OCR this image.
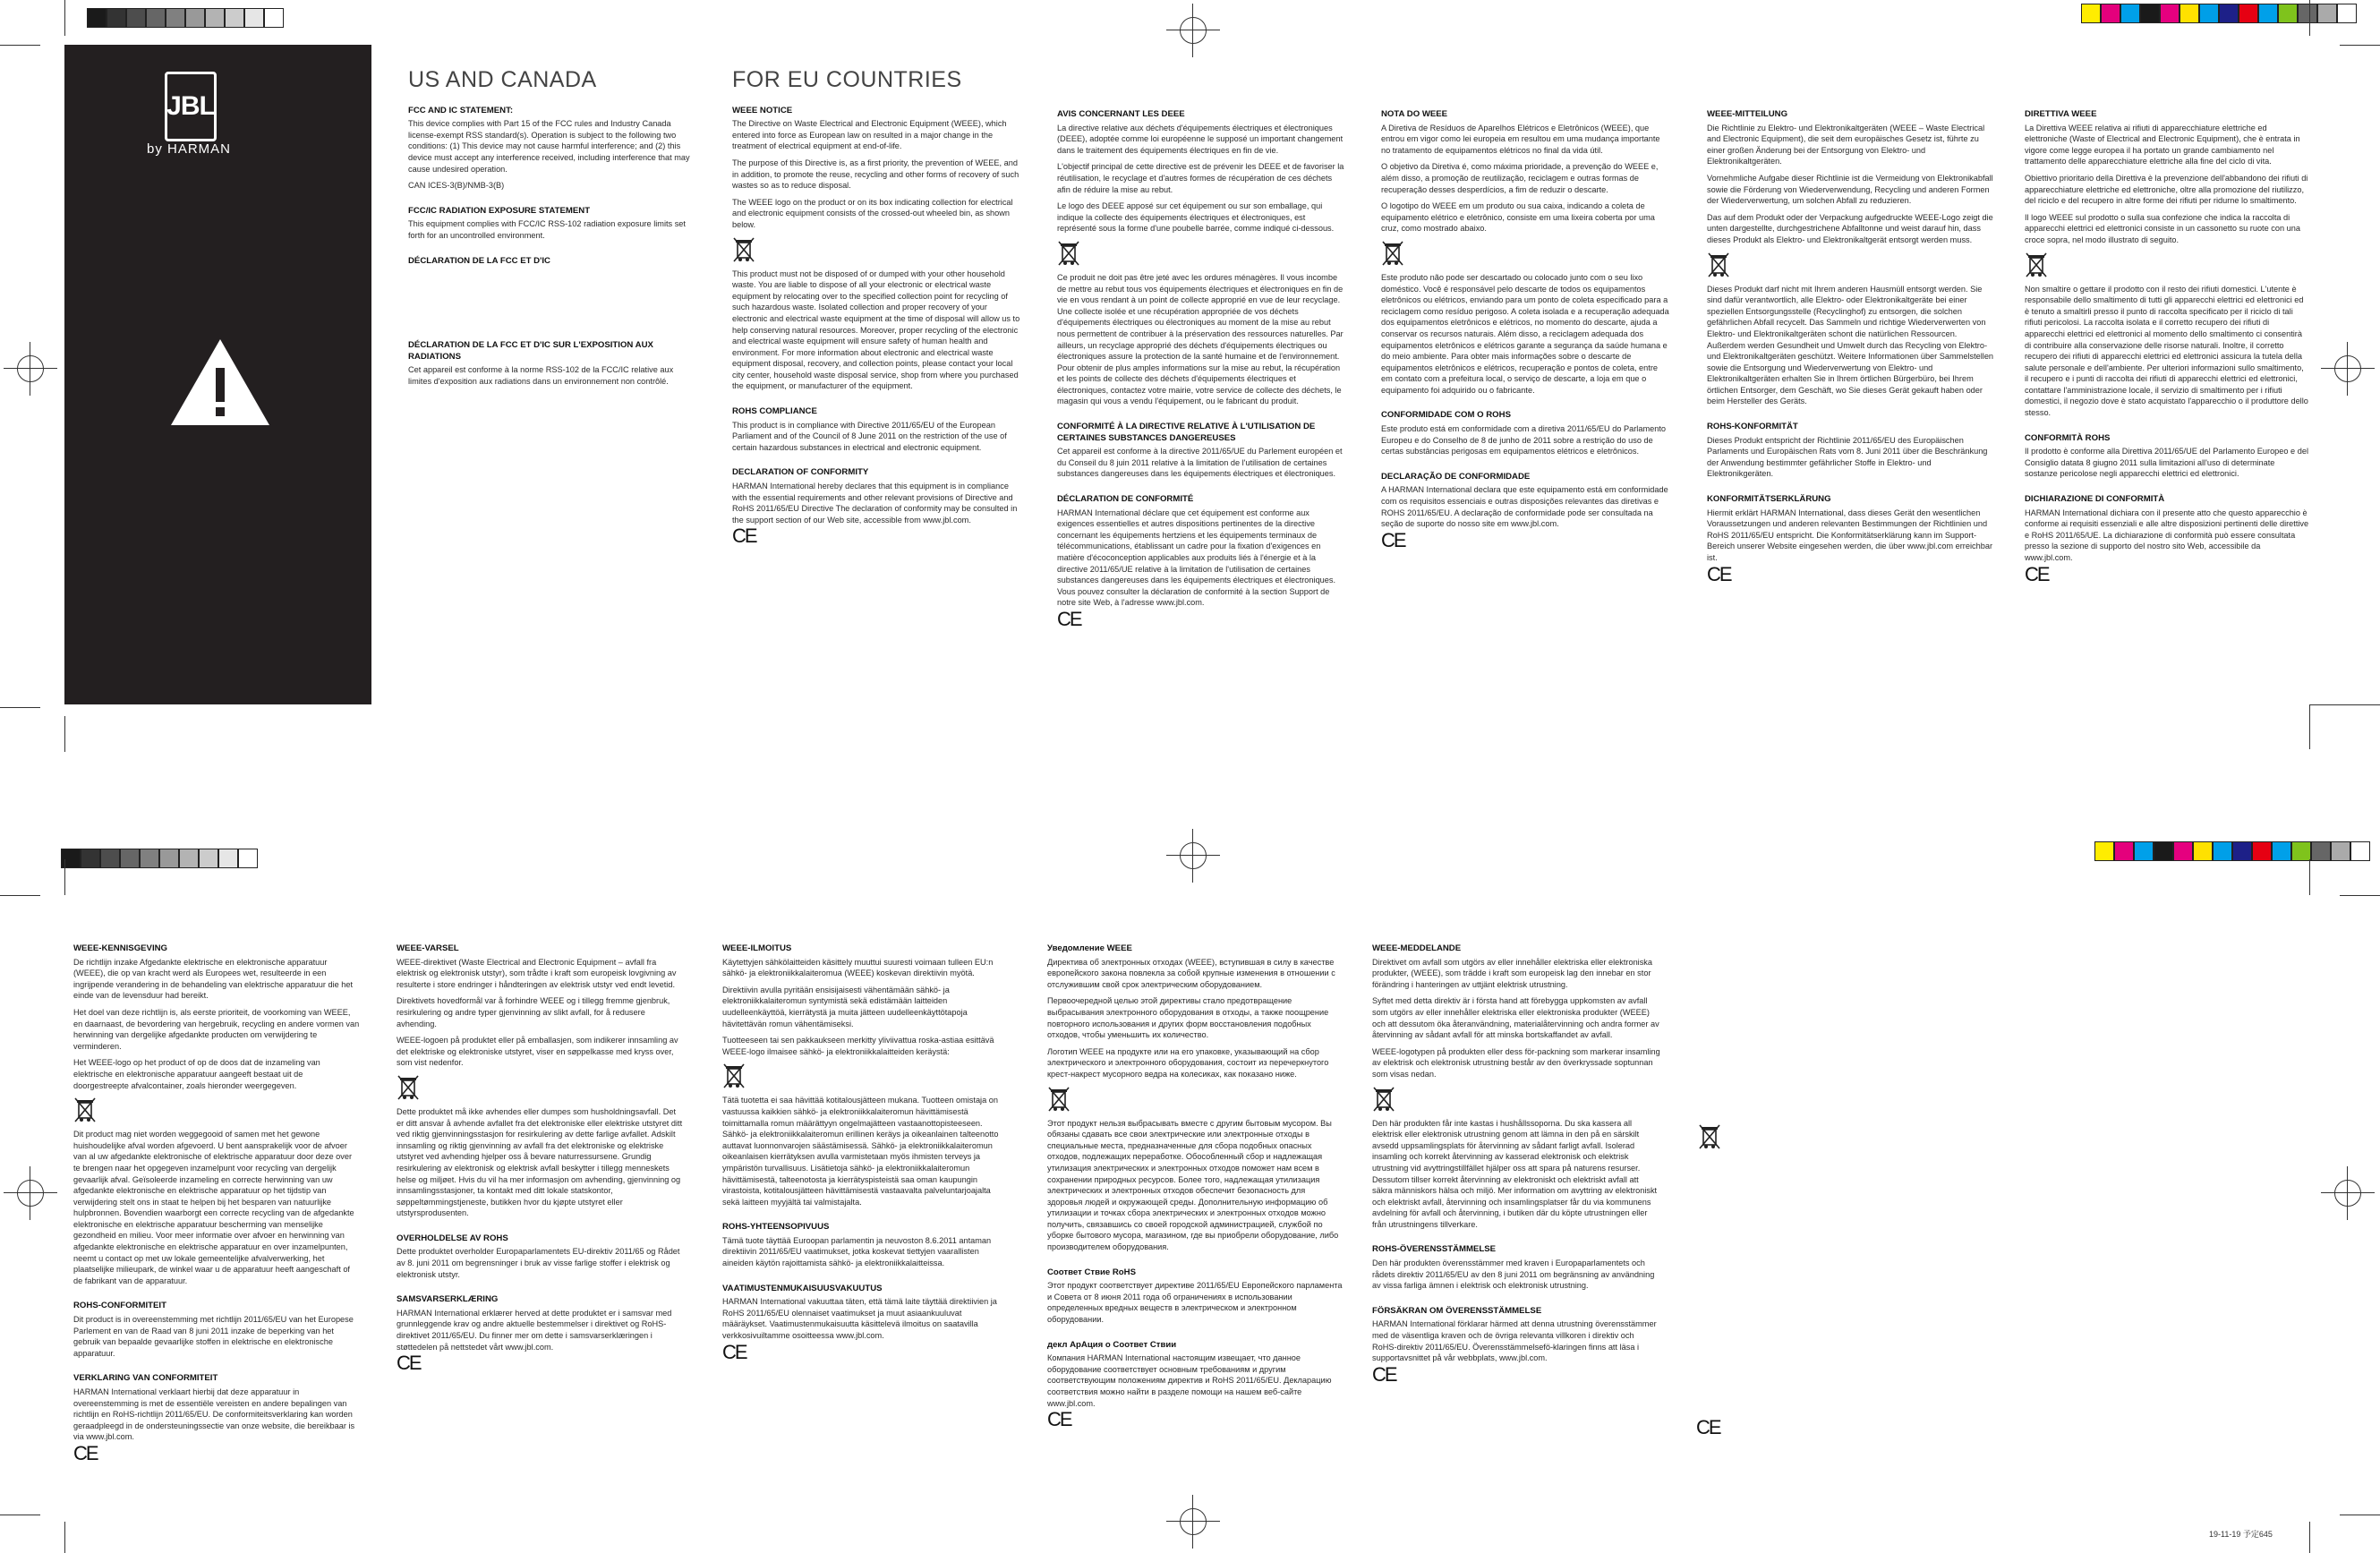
JBL
by HARMAN
US AND CANADA
FCC AND IC STATEMENT:

This device complies with Part 15 of the FCC rules and Industry Canada license-exempt RSS standard(s). Operation is subject to the following two conditions: (1) This device may not cause harmful interference; and (2) this device must accept any interference received, including interference that may cause undesired operation.

CAN ICES-3(B)/NMB-3(B)

FCC/IC RADIATION EXPOSURE STATEMENT

This equipment complies with FCC/IC RSS-102 radiation exposure limits set forth for an uncontrolled environment.

DÉCLARATION DE LA FCC ET D'IC
DÉCLARATION DE LA FCC ET D'IC SUR L'EXPOSITION AUX RADIATIONS

Cet appareil est conforme à la norme RSS-102 de la FCC/IC relative aux limites d'exposition aux radiations dans un environnement non contrôlé.

FOR EU COUNTRIES
WEEE NOTICE

The Directive on Waste Electrical and Electronic Equipment (WEEE), which entered into force as European law on resulted in a major change in the treatment of electrical equipment at end-of-life.

The purpose of this Directive is, as a first priority, the prevention of WEEE, and in addition, to promote the reuse, recycling and other forms of recovery of such wastes so as to reduce disposal.

The WEEE logo on the product or on its box indicating collection for electrical and electronic equipment consists of the crossed-out wheeled bin, as shown below.

This product must not be disposed of or dumped with your other household waste. You are liable to dispose of all your electronic or electrical waste equipment by relocating over to the specified collection point for recycling of such hazardous waste. Isolated collection and proper recovery of your electronic and electrical waste equipment at the time of disposal will allow us to help conserving natural resources. Moreover, proper recycling of the electronic and electrical waste equipment will ensure safety of human health and environment. For more information about electronic and electrical waste equipment disposal, recovery, and collection points, please contact your local city center, household waste disposal service, shop from where you purchased the equipment, or manufacturer of the equipment.

ROHS COMPLIANCE

This product is in compliance with Directive 2011/65/EU of the European Parliament and of the Council of 8 June 2011 on the restriction of the use of certain hazardous substances in electrical and electronic equipment.

DECLARATION OF CONFORMITY

HARMAN International hereby declares that this equipment is in compliance with the essential requirements and other relevant provisions of Directive and RoHS 2011/65/EU Directive The declaration of conformity may be consulted in the support section of our Web site, accessible from www.jbl.com.

CE
AVIS CONCERNANT LES DEEE

La directive relative aux déchets d'équipements électriques et électroniques (DEEE), adoptée comme loi européenne le supposé un important changement dans le traitement des équipements électriques en fin de vie.

L'objectif principal de cette directive est de prévenir les DEEE et de favoriser la réutilisation, le recyclage et d'autres formes de récupération de ces déchets afin de réduire la mise au rebut.

Le logo des DEEE apposé sur cet équipement ou sur son emballage, qui indique la collecte des équipements électriques et électroniques, est représenté sous la forme d'une poubelle barrée, comme indiqué ci-dessous.

Ce produit ne doit pas être jeté avec les ordures ménagères. Il vous incombe de mettre au rebut tous vos équipements électriques et électroniques en fin de vie en vous rendant à un point de collecte approprié en vue de leur recyclage. Une collecte isolée et une récupération appropriée de vos déchets d'équipements électriques ou électroniques au moment de la mise au rebut nous permettent de contribuer à la préservation des ressources naturelles. Par ailleurs, un recyclage approprié des déchets d'équipements électriques ou électroniques assure la protection de la santé humaine et de l'environnement. Pour obtenir de plus amples informations sur la mise au rebut, la récupération et les points de collecte des déchets d'équipements électriques et électroniques, contactez votre mairie, votre service de collecte des déchets, le magasin qui vous a vendu l'équipement, ou le fabricant du produit.

CONFORMITÉ À LA DIRECTIVE RELATIVE À L'UTILISATION DE CERTAINES SUBSTANCES DANGEREUSES

Cet appareil est conforme à la directive 2011/65/UE du Parlement européen et du Conseil du 8 juin 2011 relative à la limitation de l'utilisation de certaines substances dangereuses dans les équipements électriques et électroniques.

DÉCLARATION DE CONFORMITÉ

HARMAN International déclare que cet équipement est conforme aux exigences essentielles et autres dispositions pertinentes de la directive concernant les équipements hertziens et les équipements terminaux de télécommunications, établissant un cadre pour la fixation d'exigences en matière d'écoconception applicables aux produits liés à l'énergie et à la directive 2011/65/UE relative à la limitation de l'utilisation de certaines substances dangereuses dans les équipements électriques et électroniques. Vous pouvez consulter la déclaration de conformité à la section Support de notre site Web, à l'adresse www.jbl.com.

CE
NOTA DO WEEE

A Diretiva de Resíduos de Aparelhos Elétricos e Eletrônicos (WEEE), que entrou em vigor como lei europeia em resultou em uma mudança importante no tratamento de equipamentos elétricos no final da vida útil.

O objetivo da Diretiva é, como máxima prioridade, a prevenção do WEEE e, além disso, a promoção de reutilização, reciclagem e outras formas de recuperação desses desperdícios, a fim de reduzir o descarte.

O logotipo do WEEE em um produto ou sua caixa, indicando a coleta de equipamento elétrico e eletrônico, consiste em uma lixeira coberta por uma cruz, como mostrado abaixo.

Este produto não pode ser descartado ou colocado junto com o seu lixo doméstico. Você é responsável pelo descarte de todos os equipamentos eletrônicos ou elétricos, enviando para um ponto de coleta especificado para a reciclagem como resíduo perigoso. A coleta isolada e a recuperação adequada dos equipamentos eletrônicos e elétricos, no momento do descarte, ajuda a conservar os recursos naturais. Além disso, a reciclagem adequada dos equipamentos eletrônicos e elétricos garante a segurança da saúde humana e do meio ambiente. Para obter mais informações sobre o descarte de equipamentos eletrônicos e elétricos, recuperação e pontos de coleta, entre em contato com a prefeitura local, o serviço de descarte, a loja em que o equipamento foi adquirido ou o fabricante.

CONFORMIDADE COM O ROHS

Este produto está em conformidade com a diretiva 2011/65/EU do Parlamento Europeu e do Conselho de 8 de junho de 2011 sobre a restrição do uso de certas substâncias perigosas em equipamentos elétricos e eletrônicos.

DECLARAÇÃO DE CONFORMIDADE

A HARMAN International declara que este equipamento está em conformidade com os requisitos essenciais e outras disposições relevantes das diretivas e ROHS 2011/65/EU. A declaração de conformidade pode ser consultada na seção de suporte do nosso site em www.jbl.com.

CE
WEEE-MITTEILUNG

Die Richtlinie zu Elektro- und Elektronikaltgeräten (WEEE – Waste Electrical and Electronic Equipment), die seit dem europäisches Gesetz ist, führte zu einer großen Änderung bei der Entsorgung von Elektro- und Elektronikaltgeräten.

Vornehmliche Aufgabe dieser Richtlinie ist die Vermeidung von Elektronikabfall sowie die Förderung von Wiederverwendung, Recycling und anderen Formen der Wiederverwertung, um solchen Abfall zu reduzieren.

Das auf dem Produkt oder der Verpackung aufgedruckte WEEE-Logo zeigt die unten dargestellte, durchgestrichene Abfalltonne und weist darauf hin, dass dieses Produkt als Elektro- und Elektronikaltgerät entsorgt werden muss.

Dieses Produkt darf nicht mit Ihrem anderen Hausmüll entsorgt werden. Sie sind dafür verantwortlich, alle Elektro- oder Elektronikaltgeräte bei einer speziellen Entsorgungsstelle (Recyclinghof) zu entsorgen, die solchen gefährlichen Abfall recycelt. Das Sammeln und richtige Wiederverwerten von Elektro- und Elektronikaltgeräten schont die natürlichen Ressourcen. Außerdem werden Gesundheit und Umwelt durch das Recycling von Elektro- und Elektronikaltgeräten geschützt. Weitere Informationen über Sammelstellen sowie die Entsorgung und Wiederverwertung von Elektro- und Elektronikaltgeräten erhalten Sie in Ihrem örtlichen Bürgerbüro, bei Ihrem örtlichen Entsorger, dem Geschäft, wo Sie dieses Gerät gekauft haben oder beim Hersteller des Geräts.

ROHS-KONFORMITÄT

Dieses Produkt entspricht der Richtlinie 2011/65/EU des Europäischen Parlaments und Europäischen Rats vom 8. Juni 2011 über die Beschränkung der Anwendung bestimmter gefährlicher Stoffe in Elektro- und Elektronikgeräten.

KONFORMITÄTSERKLÄRUNG

Hiermit erklärt HARMAN International, dass dieses Gerät den wesentlichen Voraussetzungen und anderen relevanten Bestimmungen der Richtlinien und RoHS 2011/65/EU entspricht. Die Konformitätserklärung kann im Support-Bereich unserer Website eingesehen werden, die über www.jbl.com erreichbar ist.

CE
DIRETTIVA WEEE

La Direttiva WEEE relativa ai rifiuti di apparecchiature elettriche ed elettroniche (Waste of Electrical and Electronic Equipment), che è entrata in vigore come legge europea il ha portato un grande cambiamento nel trattamento delle apparecchiature elettriche alla fine del ciclo di vita.

Obiettivo prioritario della Direttiva è la prevenzione dell'abbandono dei rifiuti di apparecchiature elettriche ed elettroniche, oltre alla promozione del riutilizzo, del riciclo e del recupero in altre forme dei rifiuti per ridurne lo smaltimento.

Il logo WEEE sul prodotto o sulla sua confezione che indica la raccolta di apparecchi elettrici ed elettronici consiste in un cassonetto su ruote con una croce sopra, nel modo illustrato di seguito.

Non smaltire o gettare il prodotto con il resto dei rifiuti domestici. L'utente è responsabile dello smaltimento di tutti gli apparecchi elettrici ed elettronici ed è tenuto a smaltirli presso il punto di raccolta specificato per il riciclo di tali rifiuti pericolosi. La raccolta isolata e il corretto recupero dei rifiuti di apparecchi elettrici ed elettronici al momento dello smaltimento ci consentirà di contribuire alla conservazione delle risorse naturali. Inoltre, il corretto recupero dei rifiuti di apparecchi elettrici ed elettronici assicura la tutela della salute personale e dell'ambiente. Per ulteriori informazioni sullo smaltimento, il recupero e i punti di raccolta dei rifiuti di apparecchi elettrici ed elettronici, contattare l'amministrazione locale, il servizio di smaltimento per i rifiuti domestici, il negozio dove è stato acquistato l'apparecchio o il produttore dello stesso.

CONFORMITÀ ROHS

Il prodotto è conforme alla Direttiva 2011/65/UE del Parlamento Europeo e del Consiglio datata 8 giugno 2011 sulla limitazioni all'uso di determinate sostanze pericolose negli apparecchi elettrici ed elettronici.

DICHIARAZIONE DI CONFORMITÀ

HARMAN International dichiara con il presente atto che questo apparecchio è conforme ai requisiti essenziali e alle altre disposizioni pertinenti delle direttive e RoHS 2011/65/UE. La dichiarazione di conformità può essere consultata presso la sezione di supporto del nostro sito Web, accessibile da www.jbl.com.

CE
WEEE-KENNISGEVING

De richtlijn inzake Afgedankte elektrische en elektronische apparatuur (WEEE), die op van kracht werd als Europees wet, resulteerde in een ingrijpende verandering in de behandeling van elektrische apparatuur die het einde van de levensduur had bereikt.

Het doel van deze richtlijn is, als eerste prioriteit, de voorkoming van WEEE, en daarnaast, de bevordering van hergebruik, recycling en andere vormen van herwinning van dergelijke afgedankte producten om verwijdering te verminderen.

Het WEEE-logo op het product of op de doos dat de inzameling van elektrische en elektronische apparatuur aangeeft bestaat uit de doorgestreepte afvalcontainer, zoals hieronder weergegeven.

Dit product mag niet worden weggegooid of samen met het gewone huishoudelijke afval worden afgevoerd. U bent aansprakelijk voor de afvoer van al uw afgedankte elektronische of elektrische apparatuur door deze over te brengen naar het opgegeven inzamelpunt voor recycling van dergelijk gevaarlijk afval. Geïsoleerde inzameling en correcte herwinning van uw afgedankte elektronische en elektrische apparatuur op het tijdstip van verwijdering stelt ons in staat te helpen bij het besparen van natuurlijke hulpbronnen. Bovendien waarborgt een correcte recycling van de afgedankte elektronische en elektrische apparatuur bescherming van menselijke gezondheid en milieu. Voor meer informatie over afvoer en herwinning van afgedankte elektronische en elektrische apparatuur en over inzamelpunten, neemt u contact op met uw lokale gemeentelijke afvalverwerking, het plaatselijke milieupark, de winkel waar u de apparatuur heeft aangeschaft of de fabrikant van de apparatuur.

ROHS-CONFORMITEIT

Dit product is in overeenstemming met richtlijn 2011/65/EU van het Europese Parlement en van de Raad van 8 juni 2011 inzake de beperking van het gebruik van bepaalde gevaarlijke stoffen in elektrische en elektronische apparatuur.

VERKLARING VAN CONFORMITEIT

HARMAN International verklaart hierbij dat deze apparatuur in overeenstemming is met de essentiële vereisten en andere bepalingen van richtlijn en RoHS-richtlijn 2011/65/EU. De conformiteitsverklaring kan worden geraadpleegd in de ondersteuningssectie van onze website, die bereikbaar is via www.jbl.com.

CE
WEEE-VARSEL

WEEE-direktivet (Waste Electrical and Electronic Equipment – avfall fra elektrisk og elektronisk utstyr), som trådte i kraft som europeisk lovgivning av resulterte i store endringer i håndteringen av elektrisk utstyr ved endt levetid.

Direktivets hovedformål var å forhindre WEEE og i tillegg fremme gjenbruk, resirkulering og andre typer gjenvinning av slikt avfall, for å redusere avhending.

WEEE-logoen på produktet eller på emballasjen, som indikerer innsamling av det elektriske og elektroniske utstyret, viser en søppelkasse med kryss over, som vist nedenfor.

Dette produktet må ikke avhendes eller dumpes som husholdningsavfall. Det er ditt ansvar å avhende avfallet fra det elektroniske eller elektriske utstyret ditt ved riktig gjenvinningsstasjon for resirkulering av dette farlige avfallet. Adskilt innsamling og riktig gjenvinning av avfall fra det elektroniske og elektriske utstyret ved avhending hjelper oss å bevare naturressursene. Grundig resirkulering av elektronisk og elektrisk avfall beskytter i tillegg menneskets helse og miljøet. Hvis du vil ha mer informasjon om avhending, gjenvinning og innsamlingsstasjoner, ta kontakt med ditt lokale statskontor, søppeltømmingstjeneste, butikken hvor du kjøpte utstyret eller utstyrsprodusenten.

OVERHOLDELSE AV ROHS

Dette produktet overholder Europaparlamentets EU-direktiv 2011/65 og Rådet av 8. juni 2011 om begrensninger i bruk av visse farlige stoffer i elektrisk og elektronisk utstyr.

SAMSVARSERKLÆRING

HARMAN International erklærer herved at dette produktet er i samsvar med grunnleggende krav og andre aktuelle bestemmelser i direktivet og RoHS-direktivet 2011/65/EU. Du finner mer om dette i samsvarserklæringen i støttedelen på nettstedet vårt www.jbl.com.

CE
WEEE-ILMOITUS

Käytettyjen sähkölaitteiden käsittely muuttui suuresti voimaan tulleen EU:n sähkö- ja elektroniikkalaiteromua (WEEE) koskevan direktiivin myötä.

Direktiivin avulla pyritään ensisijaisesti vähentämään sähkö- ja elektroniikkalaiteromun syntymistä sekä edistämään laitteiden uudelleenkäyttöä, kierrätystä ja muita jätteen uudelleenkäyttötapoja hävitettävän romun vähentämiseksi.

Tuotteeseen tai sen pakkaukseen merkitty yliviivattua roska-astiaa esittävä WEEE-logo ilmaisee sähkö- ja elektroniikkalaitteiden keräystä:

Tätä tuotetta ei saa hävittää kotitalousjätteen mukana. Tuotteen omistaja on vastuussa kaikkien sähkö- ja elektroniikkalaiteromun hävittämisestä toimittamalla romun määrättyyn ongelmajätteen vastaanottopisteeseen. Sähkö- ja elektroniikkalaiteromun erillinen keräys ja oikeanlainen talteenotto auttavat luonnonvarojen säästämisessä. Sähkö- ja elektroniikkalaiteromun oikeanlaisen kierrätyksen avulla varmistetaan myös ihmisten terveys ja ympäristön turvallisuus. Lisätietoja sähkö- ja elektroniikkalaiteromun hävittämisestä, talteenotosta ja kierrätyspisteistä saa oman kaupungin virastoista, kotitalousjätteen hävittämisestä vastaavalta palveluntarjoajalta sekä laitteen myyjältä tai valmistajalta.

ROHS-YHTEENSOPIVUUS

Tämä tuote täyttää Euroopan parlamentin ja neuvoston 8.6.2011 antaman direktiivin 2011/65/EU vaatimukset, jotka koskevat tiettyjen vaarallisten aineiden käytön rajoittamista sähkö- ja elektroniikkalaitteissa.

VAATIMUSTENMUKAISUUSVAKUUTUS

HARMAN International vakuuttaa täten, että tämä laite täyttää direktiivien ja RoHS 2011/65/EU olennaiset vaatimukset ja muut asiaankuuluvat määräykset. Vaatimustenmukaisuutta käsittelevä ilmoitus on saatavilla verkkosivuiltamme osoitteessa www.jbl.com.

CE
Уведомление WEEE

Директива об электронных отходах (WEEE), вступившая в силу в качестве европейского закона повлекла за собой крупные изменения в отношении с отслужившим свой срок электрическим оборудованием.

Первоочередной целью этой директивы стало предотвращение выбрасывания электронного оборудования в отходы, а также поощрение повторного использования и других форм восстановления подобных отходов, чтобы уменьшить их количество.

Логотип WEEE на продукте или на его упаковке, указывающий на сбор электрического и электронного оборудования, состоит из перечеркнутого крест-накрест мусорного ведра на колесиках, как показано ниже.

Этот продукт нельзя выбрасывать вместе с другим бытовым мусором. Вы обязаны сдавать все свои электрические или электронные отходы в специальные места, предназначенные для сбора подобных опасных отходов, подлежащих переработке. Обособленный сбор и надлежащая утилизация электрических и электронных отходов поможет нам всем в сохранении природных ресурсов. Более того, надлежащая утилизация электрических и электронных отходов обеспечит безопасность для здоровья людей и окружающей среды. Дополнительную информацию об утилизации и точках сбора электрических и электронных отходов можно получить, связавшись со своей городской администрацией, службой по уборке бытового мусора, магазином, где вы приобрели оборудование, либо производителем оборудования.

Соответ Ствие RoHS

Этот продукт соответствует директиве 2011/65/EU Европейского парламента и Совета от 8 июня 2011 года об ограничениях в использовании определенных вредных веществ в электрическом и электронном оборудовании.

декл АрАция о Соответ Ствии

Компания HARMAN International настоящим извещает, что данное оборудование соответствует основным требованиям и другим соответствующим положениям директив и RoHS 2011/65/EU. Декларацию соответствия можно найти в разделе помощи на нашем веб-сайте www.jbl.com.

CE
WEEE-MEDDELANDE

Direktivet om avfall som utgörs av eller innehåller elektriska eller elektroniska produkter, (WEEE), som trädde i kraft som europeisk lag den innebar en stor förändring i hanteringen av uttjänt elektrisk utrustning.

Syftet med detta direktiv är i första hand att förebygga uppkomsten av avfall som utgörs av eller innehåller elektriska eller elektroniska produkter (WEEE) och att dessutom öka återanvändning, materialåtervinning och andra former av återvinning av sådant avfall för att minska bortskaffandet av avfall.

WEEE-logotypen på produkten eller dess för-packning som markerar insamling av elektrisk och elektronisk utrustning består av den överkryssade soptunnan som visas nedan.

Den här produkten får inte kastas i hushållssoporna. Du ska kassera all elektrisk eller elektronisk utrustning genom att lämna in den på en särskilt avsedd uppsamlingsplats för återvinning av sådant farligt avfall. Isolerad insamling och korrekt återvinning av kasserad elektronisk och elektrisk utrustning vid avyttringstillfället hjälper oss att spara på naturens resurser. Dessutom tillser korrekt återvinning av elektroniskt och elektriskt avfall att säkra människors hälsa och miljö. Mer information om avyttring av elektroniskt och elektriskt avfall, återvinning och insamlingsplatser får du via kommunens avdelning för avfall och återvinning, i butiken där du köpte utrustningen eller från utrustningens tillverkare.

ROHS-ÖVERENSSTÄMMELSE

Den här produkten överensstämmer med kraven i Europaparlamentets och rådets direktiv 2011/65/EU av den 8 juni 2011 om begränsning av användning av vissa farliga ämnen i elektrisk och elektronisk utrustning.

FÖRSÄKRAN OM ÖVERENSSTÄMMELSE

HARMAN International förklarar härmed att denna utrustning överensstämmer med de väsentliga kraven och de övriga relevanta villkoren i direktiv och RoHS-direktiv 2011/65/EU. Överensstämmelsefö-klaringen finns att läsa i supportavsnittet på vår webbplats, www.jbl.com.

CE
CE
19-11-19 予定645
